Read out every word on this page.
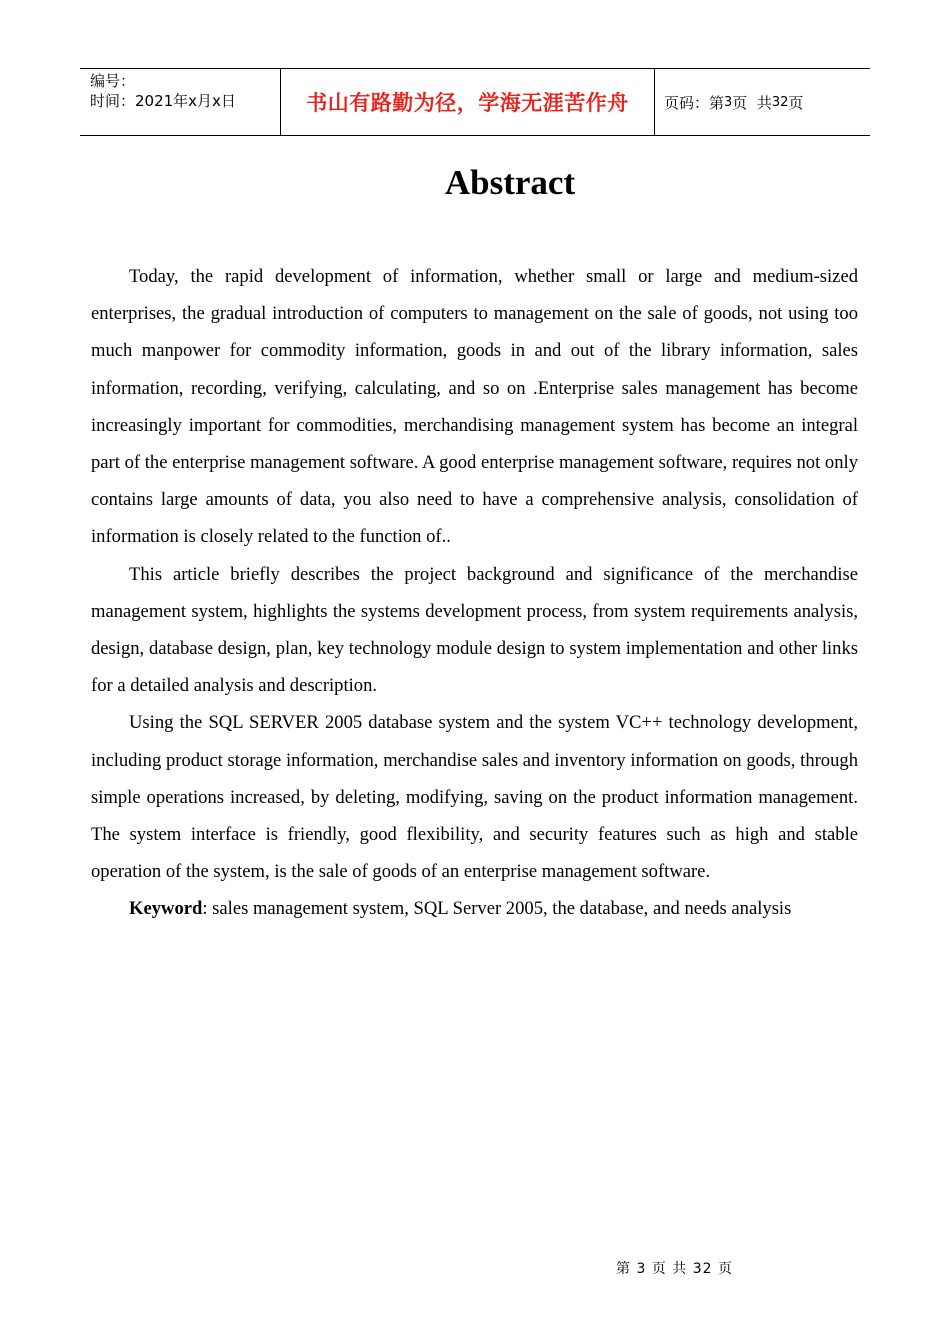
编号：
时间：2021年x月x日	书山有路勤为径，学海无涯苦作舟	页码：第 3 页  共 32 页
Abstract

Today, the rapid development of information, whether small or large and medium-sized enterprises, the gradual introduction of computers to management on the sale of goods, not using too much manpower for commodity information, goods in and out of the library information, sales information, recording, verifying, calculating, and so on .Enterprise sales management has become increasingly important for commodities, merchandising management system has become an integral part of the enterprise management software. A good enterprise management software, requires not only contains large amounts of data, you also need to have a comprehensive analysis, consolidation of information is closely related to the function of..

This article briefly describes the project background and significance of the merchandise management system, highlights the systems development process, from system requirements analysis, design, database design, plan, key technology module design to system implementation and other links for a detailed analysis and description.

Using the SQL SERVER 2005 database system and the system VC++ technology development, including product storage information, merchandise sales and inventory information on goods, through simple operations increased, by deleting, modifying, saving on the product information management. The system interface is friendly, good flexibility, and security features such as high and stable operation of the system, is the sale of goods of an enterprise management software.

Keyword: sales management system, SQL Server 2005, the database, and needs analysis

第 3 页 共 32 页
